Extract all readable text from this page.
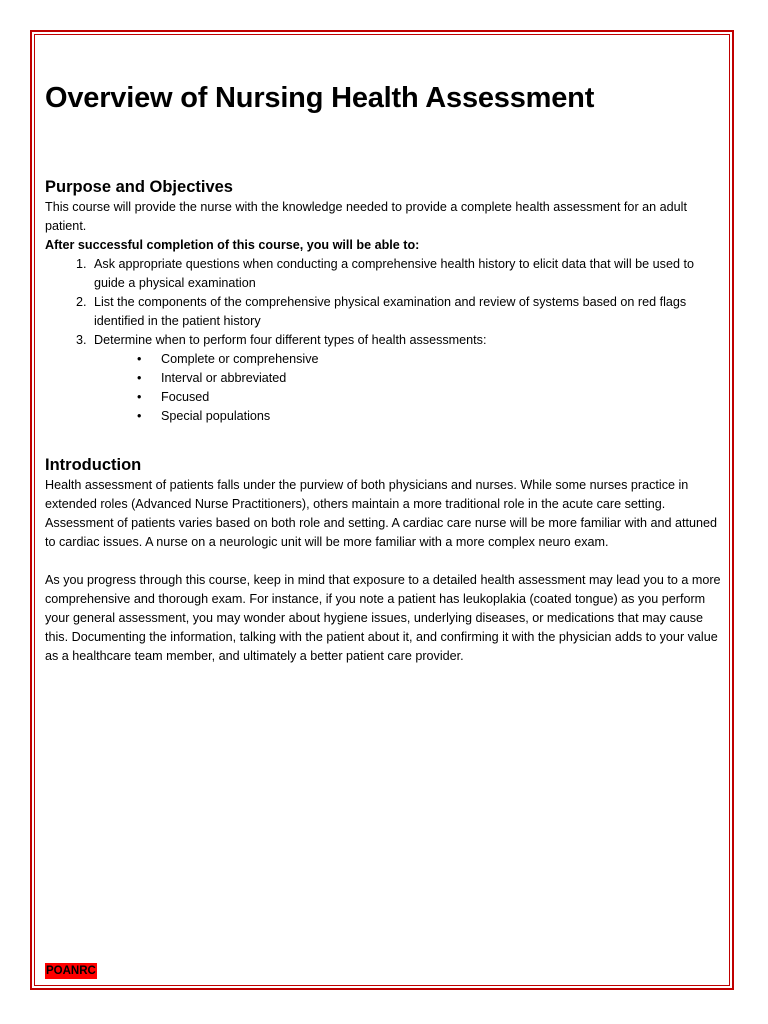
Overview of Nursing Health Assessment
Purpose and Objectives

This course will provide the nurse with the knowledge needed to provide a complete health assessment for an adult patient.

After successful completion of this course, you will be able to:

1. Ask appropriate questions when conducting a comprehensive health history to elicit data that will be used to guide a physical examination
2. List the components of the comprehensive physical examination and review of systems based on red flags identified in the patient history
3. Determine when to perform four different types of health assessments:
• Complete or comprehensive
• Interval or abbreviated
• Focused
• Special populations
Introduction

Health assessment of patients falls under the purview of both physicians and nurses. While some nurses practice in extended roles (Advanced Nurse Practitioners), others maintain a more traditional role in the acute care setting. Assessment of patients varies based on both role and setting. A cardiac care nurse will be more familiar with and attuned to cardiac issues. A nurse on a neurologic unit will be more familiar with a more complex neuro exam.

As you progress through this course, keep in mind that exposure to a detailed health assessment may lead you to a more comprehensive and thorough exam. For instance, if you note a patient has leukoplakia (coated tongue) as you perform your general assessment, you may wonder about hygiene issues, underlying diseases, or medications that may cause this. Documenting the information, talking with the patient about it, and confirming it with the physician adds to your value as a healthcare team member, and ultimately a better patient care provider.

POANRC
